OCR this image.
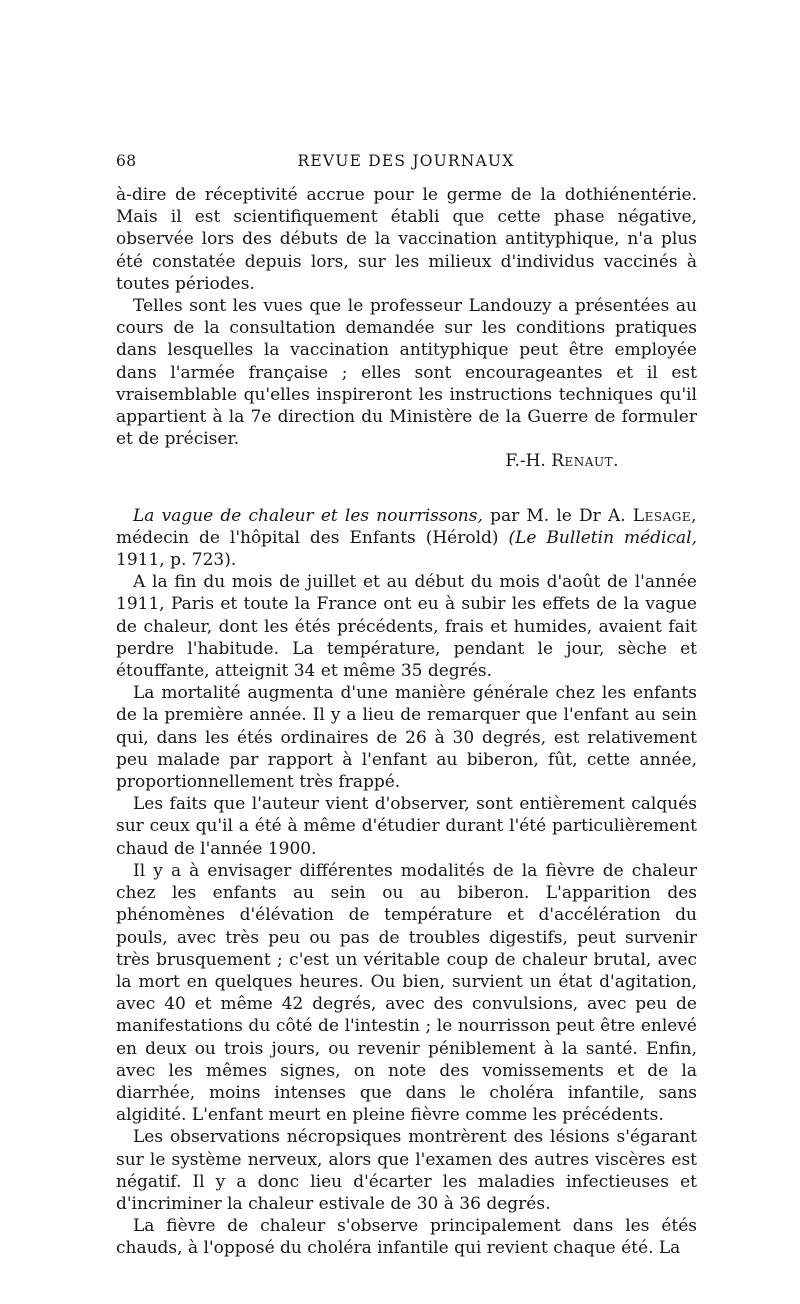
68	REVUE DES JOURNAUX

à-dire de réceptivité accrue pour le germe de la dothiénentérie. Mais il est scientifiquement établi que cette phase négative, observée lors des débuts de la vaccination antityphique, n'a plus été constatée depuis lors, sur les milieux d'individus vaccinés à toutes périodes.

Telles sont les vues que le professeur Landouzy a présentées au cours de la consultation demandée sur les conditions pratiques dans lesquelles la vaccination antityphique peut être employée dans l'armée française ; elles sont encourageantes et il est vraisemblable qu'elles inspireront les instructions techniques qu'il appartient à la 7e direction du Ministère de la Guerre de formuler et de préciser.

F.-H. Renaut.

La vague de chaleur et les nourrissons, par M. le Dr A. Lesage, médecin de l'hôpital des Enfants (Hérold) (Le Bulletin médical, 1911, p. 723).

A la fin du mois de juillet et au début du mois d'août de l'année 1911, Paris et toute la France ont eu à subir les effets de la vague de chaleur, dont les étés précédents, frais et humides, avaient fait perdre l'habitude. La température, pendant le jour, sèche et étouffante, atteignit 34 et même 35 degrés.

La mortalité augmenta d'une manière générale chez les enfants de la première année. Il y a lieu de remarquer que l'enfant au sein qui, dans les étés ordinaires de 26 à 30 degrés, est relativement peu malade par rapport à l'enfant au biberon, fût, cette année, proportionnellement très frappé.

Les faits que l'auteur vient d'observer, sont entièrement calqués sur ceux qu'il a été à même d'étudier durant l'été particulièrement chaud de l'année 1900.

Il y a à envisager différentes modalités de la fièvre de chaleur chez les enfants au sein ou au biberon. L'apparition des phénomènes d'élévation de température et d'accélération du pouls, avec très peu ou pas de troubles digestifs, peut survenir très brusquement ; c'est un véritable coup de chaleur brutal, avec la mort en quelques heures. Ou bien, survient un état d'agitation, avec 40 et même 42 degrés, avec des convulsions, avec peu de manifestations du côté de l'intestin ; le nourrisson peut être enlevé en deux ou trois jours, ou revenir péniblement à la santé. Enfin, avec les mêmes signes, on note des vomissements et de la diarrhée, moins intenses que dans le choléra infantile, sans algidité. L'enfant meurt en pleine fièvre comme les précédents.

Les observations nécropsiques montrèrent des lésions s'égarant sur le système nerveux, alors que l'examen des autres viscères est négatif. Il y a donc lieu d'écarter les maladies infectieuses et d'incriminer la chaleur estivale de 30 à 36 degrés.

La fièvre de chaleur s'observe principalement dans les étés chauds, à l'opposé du choléra infantile qui revient chaque été. La
